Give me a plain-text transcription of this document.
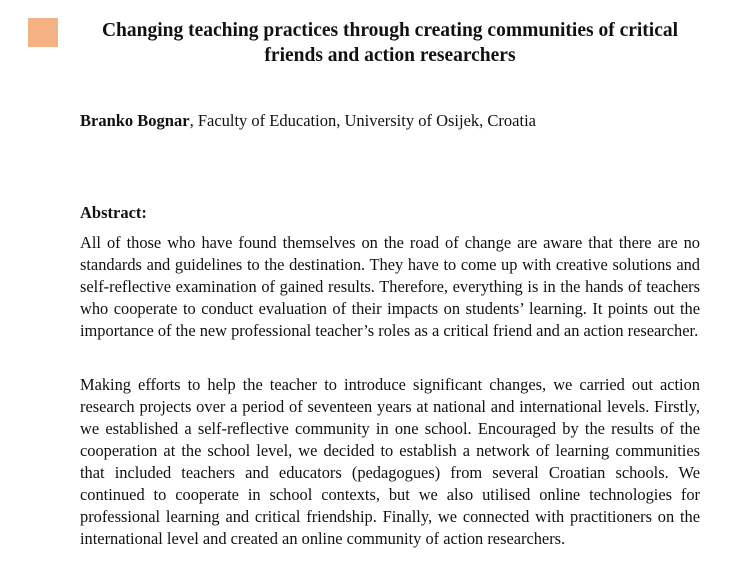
Changing teaching practices through creating communities of critical friends and action researchers

Branko Bognar, Faculty of Education, University of Osijek, Croatia

Abstract:

All of those who have found themselves on the road of change are aware that there are no standards and guidelines to the destination. They have to come up with creative solutions and self-reflective examination of gained results. Therefore, everything is in the hands of teachers who cooperate to conduct evaluation of their impacts on students’ learning. It points out the importance of the new professional teacher’s roles as a critical friend and an action researcher.

Making efforts to help the teacher to introduce significant changes, we carried out action research projects over a period of seventeen years at national and international levels. Firstly, we established a self-reflective community in one school. Encouraged by the results of the cooperation at the school level, we decided to establish a network of learning communities that included teachers and educators (pedagogues) from several Croatian schools. We continued to cooperate in school contexts, but we also utilised online technologies for professional learning and critical friendship. Finally, we connected with practitioners on the international level and created an online community of action researchers.
